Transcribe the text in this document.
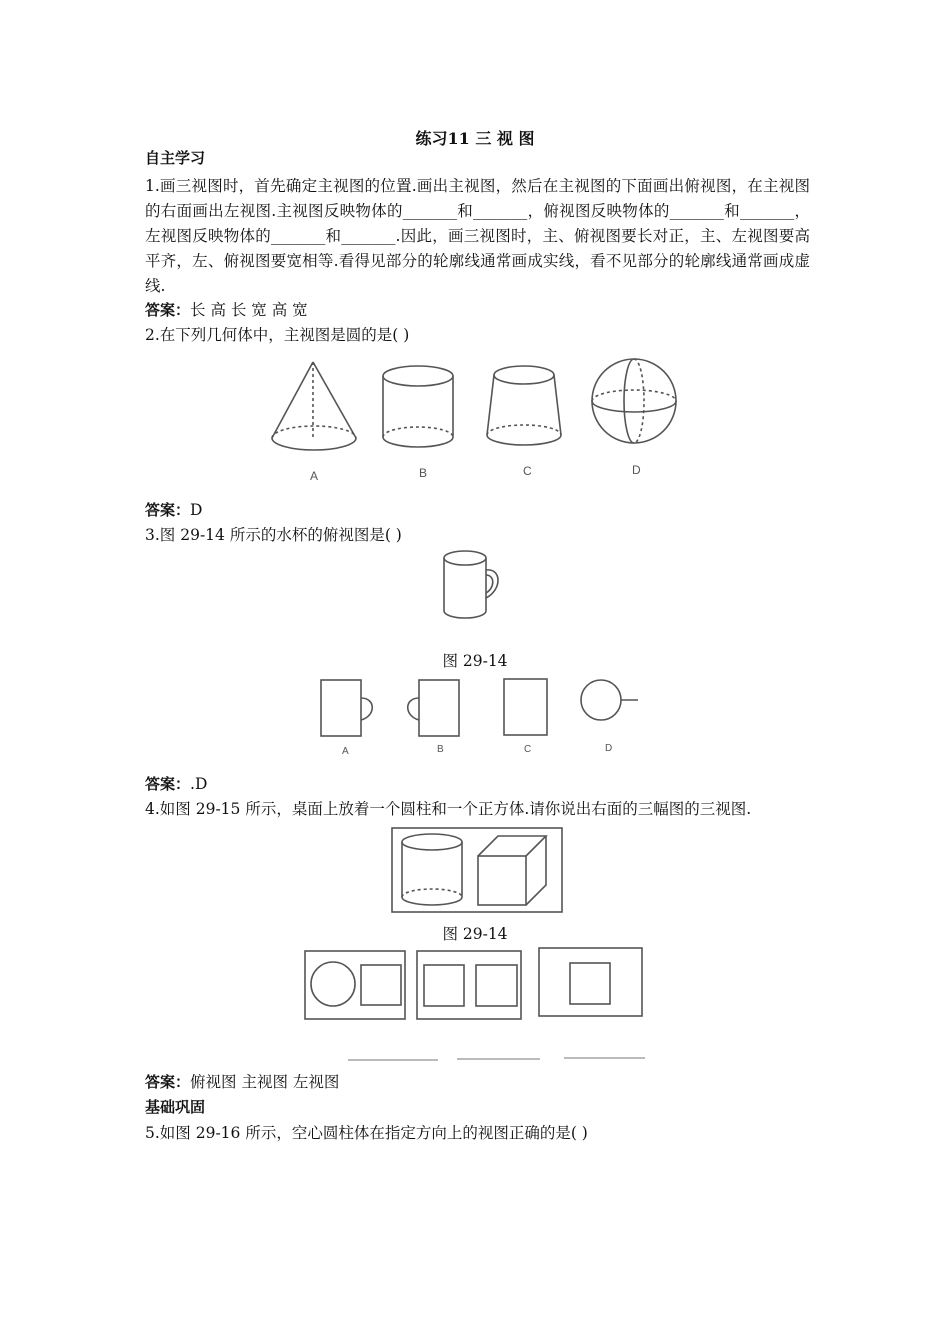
练习11 三 视 图
自主学习
1.画三视图时，首先确定主视图的位置.画出主视图，然后在主视图的下面画出俯视图，在主视图的右面画出左视图.主视图反映物体的_______和_______，俯视图反映物体的_______和_______，左视图反映物体的_______和_______.因此，画三视图时，主、俯视图要长对正，主、左视图要高平齐，左、俯视图要宽相等.看得见部分的轮廓线通常画成实线，看不见部分的轮廓线通常画成虚线.
答案：长 高 长 宽 高 宽
2.在下列几何体中，主视图是圆的是( )
A	B	C	D
答案：D
3.图 29-14 所示的水杯的俯视图是( )
图 29-14
A	B	C	D
答案：.D
4.如图 29-15 所示，桌面上放着一个圆柱和一个正方体.请你说出右面的三幅图的三视图.
图 29-14
答案：俯视图 主视图 左视图
基础巩固
5.如图 29-16 所示，空心圆柱体在指定方向上的视图正确的是( )
